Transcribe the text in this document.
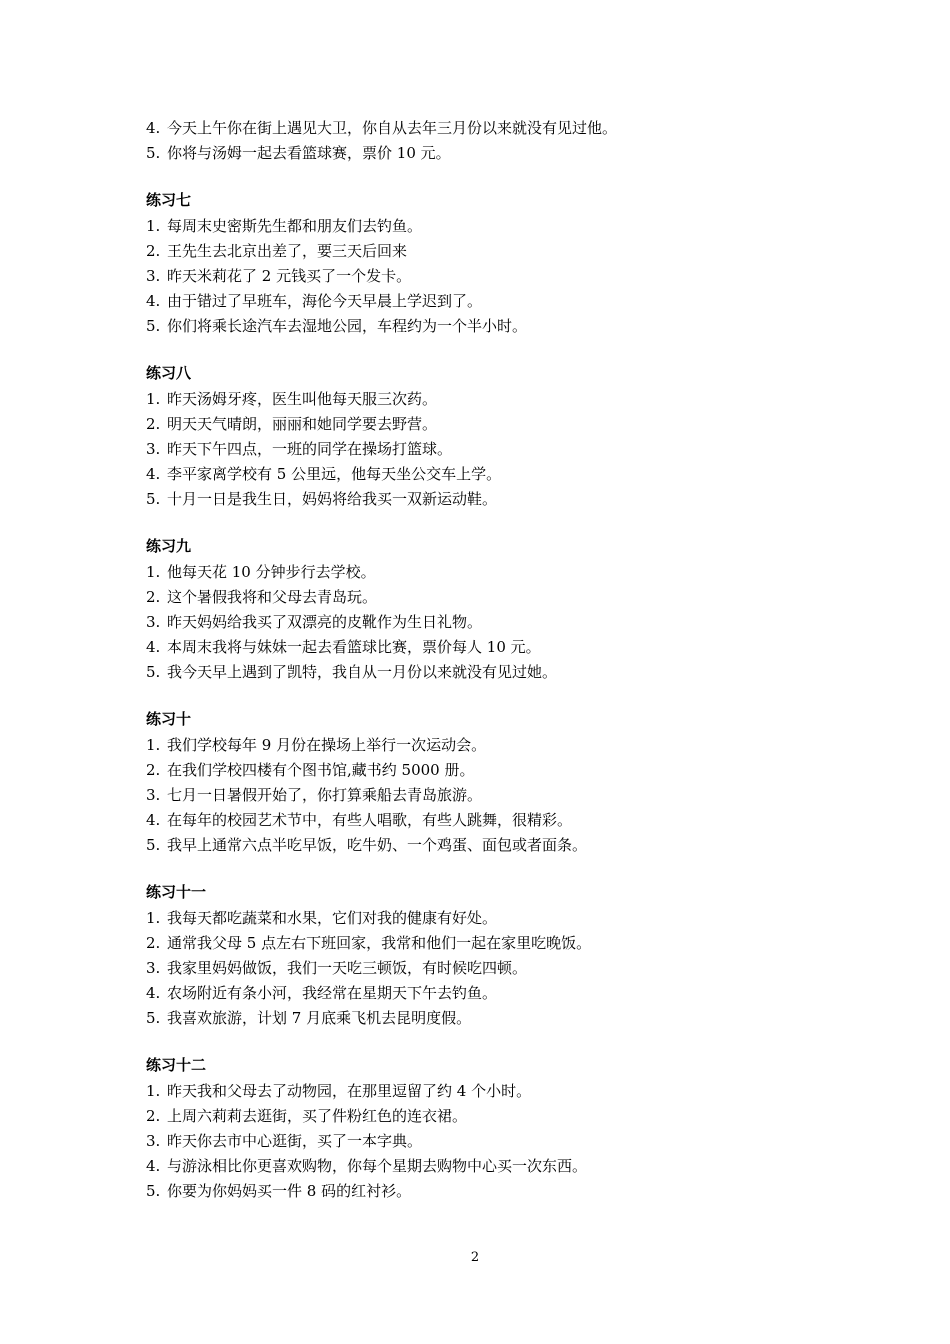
4. 今天上午你在街上遇见大卫，你自从去年三月份以来就没有见过他。
5. 你将与汤姆一起去看篮球赛，票价 10 元。
练习七
1. 每周末史密斯先生都和朋友们去钓鱼。
2. 王先生去北京出差了，要三天后回来
3. 昨天米莉花了 2 元钱买了一个发卡。
4. 由于错过了早班车，海伦今天早晨上学迟到了。
5. 你们将乘长途汽车去湿地公园，车程约为一个半小时。
练习八
1. 昨天汤姆牙疼，医生叫他每天服三次药。
2. 明天天气晴朗，丽丽和她同学要去野营。
3. 昨天下午四点，一班的同学在操场打篮球。
4. 李平家离学校有 5 公里远，他每天坐公交车上学。
5. 十月一日是我生日，妈妈将给我买一双新运动鞋。
练习九
1. 他每天花 10 分钟步行去学校。
2. 这个暑假我将和父母去青岛玩。
3. 昨天妈妈给我买了双漂亮的皮靴作为生日礼物。
4. 本周末我将与妹妹一起去看篮球比赛，票价每人 10 元。
5. 我今天早上遇到了凯特，我自从一月份以来就没有见过她。
练习十
1. 我们学校每年 9 月份在操场上举行一次运动会。
2. 在我们学校四楼有个图书馆,藏书约 5000 册。
3. 七月一日暑假开始了，你打算乘船去青岛旅游。
4. 在每年的校园艺术节中，有些人唱歌，有些人跳舞，很精彩。
5. 我早上通常六点半吃早饭，吃牛奶、一个鸡蛋、面包或者面条。
练习十一
1. 我每天都吃蔬菜和水果，它们对我的健康有好处。
2. 通常我父母 5 点左右下班回家，我常和他们一起在家里吃晚饭。
3. 我家里妈妈做饭，我们一天吃三顿饭，有时候吃四顿。
4. 农场附近有条小河，我经常在星期天下午去钓鱼。
5. 我喜欢旅游，计划 7 月底乘飞机去昆明度假。
练习十二
1. 昨天我和父母去了动物园，在那里逗留了约 4 个小时。
2. 上周六莉莉去逛街，买了件粉红色的连衣裙。
3. 昨天你去市中心逛街，买了一本字典。
4. 与游泳相比你更喜欢购物，你每个星期去购物中心买一次东西。
5. 你要为你妈妈买一件 8 码的红衬衫。
2
